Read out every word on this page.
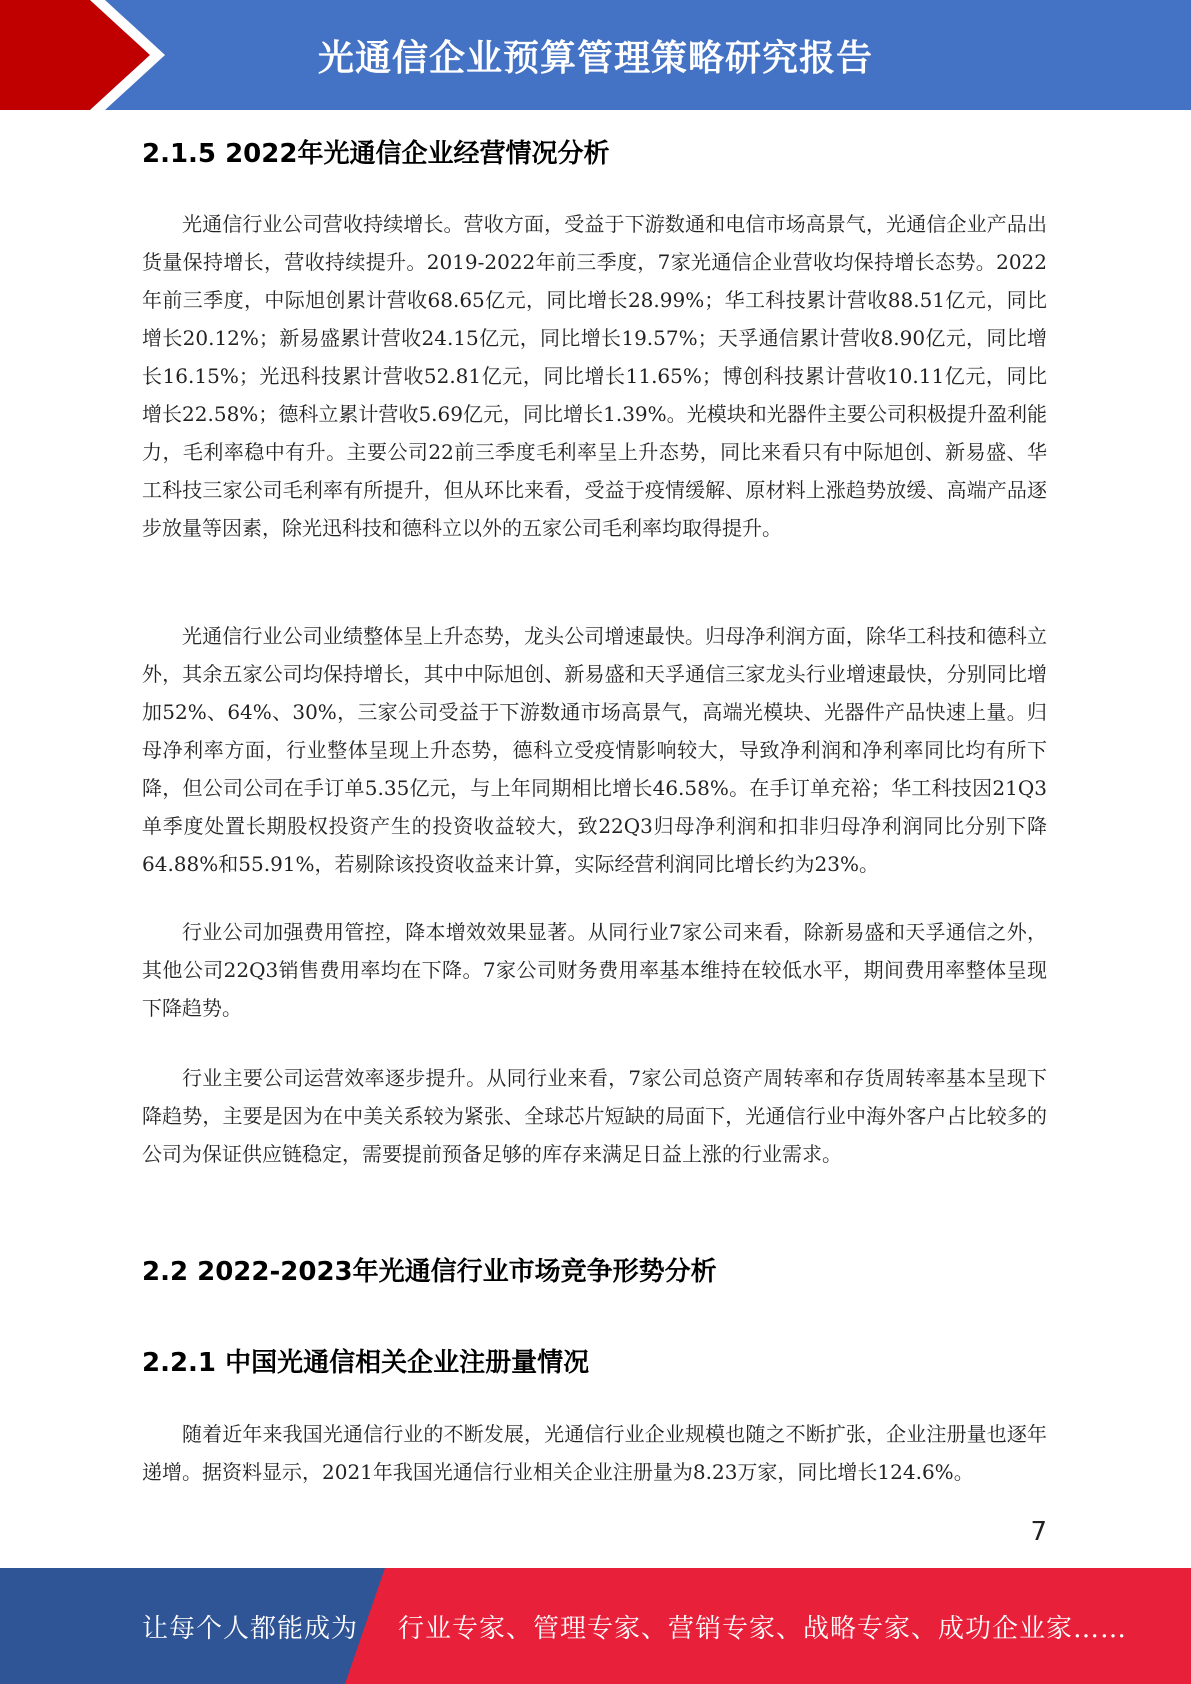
光通信企业预算管理策略研究报告
2.1.5 2022年光通信企业经营情况分析

光通信行业公司营收持续增长。营收方面，受益于下游数通和电信市场高景气，光通信企业产品出货量保持增长，营收持续提升。2019-2022年前三季度，7家光通信企业营收均保持增长态势。2022年前三季度，中际旭创累计营收68.65亿元，同比增长28.99%；华工科技累计营收88.51亿元，同比增长20.12%；新易盛累计营收24.15亿元，同比增长19.57%；天孚通信累计营收8.90亿元，同比增长16.15%；光迅科技累计营收52.81亿元，同比增长11.65%；博创科技累计营收10.11亿元，同比增长22.58%；德科立累计营收5.69亿元，同比增长1.39%。光模块和光器件主要公司积极提升盈利能力，毛利率稳中有升。主要公司22前三季度毛利率呈上升态势，同比来看只有中际旭创、新易盛、华工科技三家公司毛利率有所提升，但从环比来看，受益于疫情缓解、原材料上涨趋势放缓、高端产品逐步放量等因素，除光迅科技和德科立以外的五家公司毛利率均取得提升。

光通信行业公司业绩整体呈上升态势，龙头公司增速最快。归母净利润方面，除华工科技和德科立外，其余五家公司均保持增长，其中中际旭创、新易盛和天孚通信三家龙头行业增速最快，分别同比增加52%、64%、30%，三家公司受益于下游数通市场高景气，高端光模块、光器件产品快速上量。归母净利率方面，行业整体呈现上升态势，德科立受疫情影响较大，导致净利润和净利率同比均有所下降，但公司公司在手订单5.35亿元，与上年同期相比增长46.58%。在手订单充裕；华工科技因21Q3单季度处置长期股权投资产生的投资收益较大，致22Q3归母净利润和扣非归母净利润同比分别下降64.88%和55.91%，若剔除该投资收益来计算，实际经营利润同比增长约为23%。

行业公司加强费用管控，降本增效效果显著。从同行业7家公司来看，除新易盛和天孚通信之外，其他公司22Q3销售费用率均在下降。7家公司财务费用率基本维持在较低水平，期间费用率整体呈现下降趋势。

行业主要公司运营效率逐步提升。从同行业来看，7家公司总资产周转率和存货周转率基本呈现下降趋势，主要是因为在中美关系较为紧张、全球芯片短缺的局面下，光通信行业中海外客户占比较多的公司为保证供应链稳定，需要提前预备足够的库存来满足日益上涨的行业需求。

2.2 2022-2023年光通信行业市场竞争形势分析
2.2.1 中国光通信相关企业注册量情况

随着近年来我国光通信行业的不断发展，光通信行业企业规模也随之不断扩张，企业注册量也逐年递增。据资料显示，2021年我国光通信行业相关企业注册量为8.23万家，同比增长124.6%。

7
让每个人都能成为 行业专家、管理专家、营销专家、战略专家、成功企业家……
